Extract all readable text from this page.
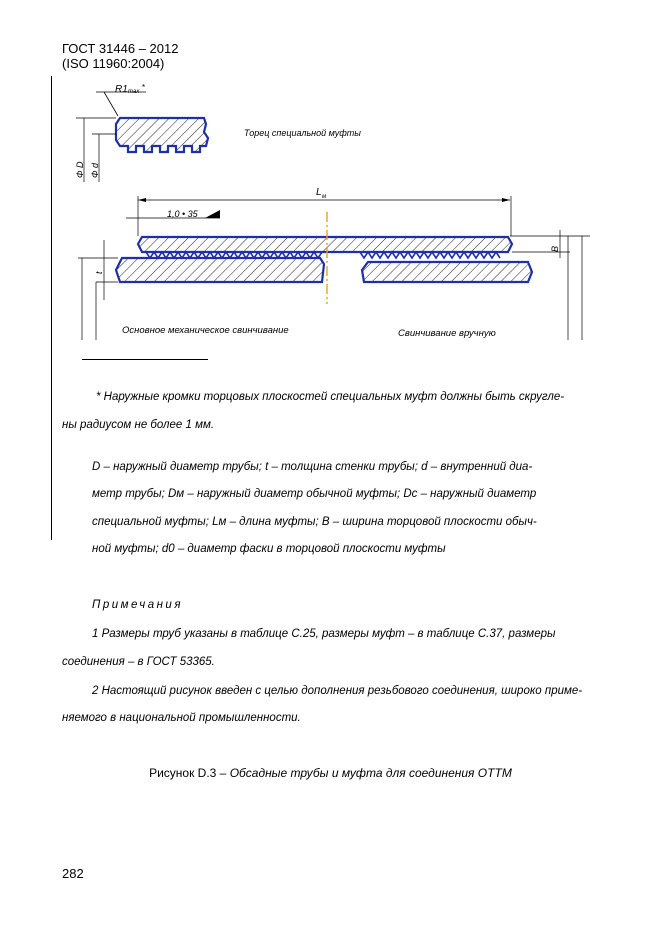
ГОСТ 31446 – 2012
(ISO 11960:2004)
R1 max *
Φ D Φ d
Торец специальной муфты
L м
1,0 • 35
B
t
Основное механическое свинчивание	Свинчивание вручную
* Наружные кромки торцовых плоскостей специальных муфт должны быть скругле-
ны радиусом не более 1 мм.
D – наружный диаметр трубы; t – толщина стенки трубы; d – внутренний диа-
метр трубы; Dм – наружный диаметр обычной муфты; Dc – наружный диаметр
специальной муфты; Lм – длина муфты; B – ширина торцовой плоскости обыч-
ной муфты; d0 – диаметр фаски в торцовой плоскости муфты
Примечания
1 Размеры труб указаны в таблице С.25, размеры муфт – в таблице С.37, размеры
соединения – в ГОСТ 53365.
2 Настоящий рисунок введен с целью дополнения резьбового соединения, широко приме-
няемого в национальной промышленности.
Рисунок D.3 – Обсадные трубы и муфта для соединения ОТТМ
282
